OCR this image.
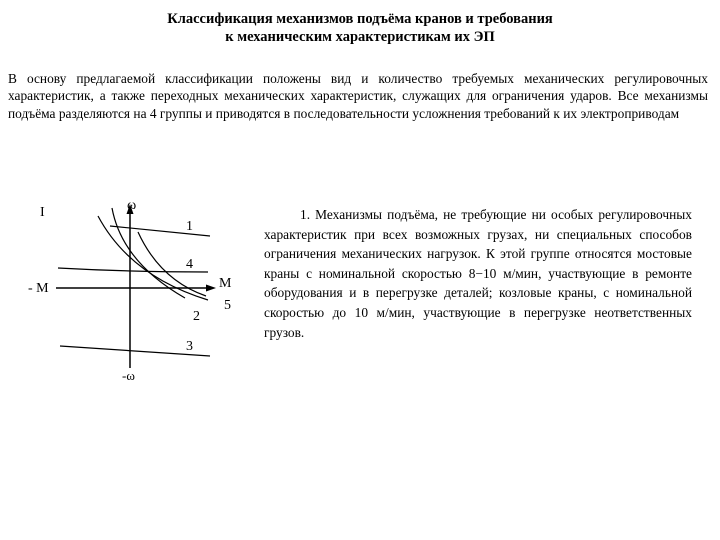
Классификация механизмов подъёма кранов и требования
к механическим характеристикам их ЭП
В основу предлагаемой классификации положены вид и количество требуемых механических регулировочных характеристик, а также переходных механических характеристик, служащих для ограничения ударов. Все механизмы подъёма разделяются на 4 группы и приводятся в последовательности усложнения требований к их электроприводам
I	ω
-ω
M
- M
1
4
2
5
3
1. Механизмы подъёма, не требующие ни особых регулировочных характеристик при всех возможных грузах, ни специальных способов ограничения механических нагрузок. К этой группе относятся мостовые краны с номинальной скоростью 8−10 м/мин, участвующие в ремонте оборудования и в перегрузке деталей; козловые краны, с номинальной скоростью до 10 м/мин, участвующие в перегрузке неответственных грузов.
